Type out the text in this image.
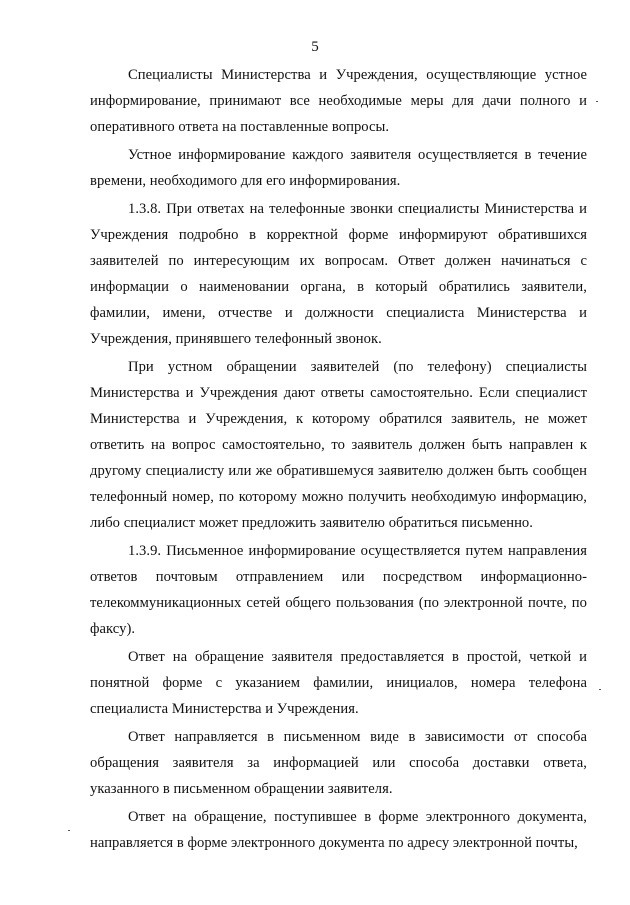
5

Специалисты Министерства и Учреждения, осуществляющие устное информирование, принимают все необходимые меры для дачи полного и оперативного ответа на поставленные вопросы.

Устное информирование каждого заявителя осуществляется в течение времени, необходимого для его информирования.

1.3.8. При ответах на телефонные звонки специалисты Министерства и Учреждения подробно в корректной форме информируют обратившихся заявителей по интересующим их вопросам. Ответ должен начинаться с информации о наименовании органа, в который обратились заявители, фамилии, имени, отчестве и должности специалиста Министерства и Учреждения, принявшего телефонный звонок.

При устном обращении заявителей (по телефону) специалисты Министерства и Учреждения дают ответы самостоятельно. Если специалист Министерства и Учреждения, к которому обратился заявитель, не может ответить на вопрос самостоятельно, то заявитель должен быть направлен к другому специалисту или же обратившемуся заявителю должен быть сообщен телефонный номер, по которому можно получить необходимую информацию, либо специалист может предложить заявителю обратиться письменно.

1.3.9. Письменное информирование осуществляется путем направления ответов почтовым отправлением или посредством информационно-телекоммуникационных сетей общего пользования (по электронной почте, по факсу).

Ответ на обращение заявителя предоставляется в простой, четкой и понятной форме с указанием фамилии, инициалов, номера телефона специалиста Министерства и Учреждения.

Ответ направляется в письменном виде в зависимости от способа обращения заявителя за информацией или способа доставки ответа, указанного в письменном обращении заявителя.

Ответ на обращение, поступившее в форме электронного документа, направляется в форме электронного документа по адресу электронной почты,
